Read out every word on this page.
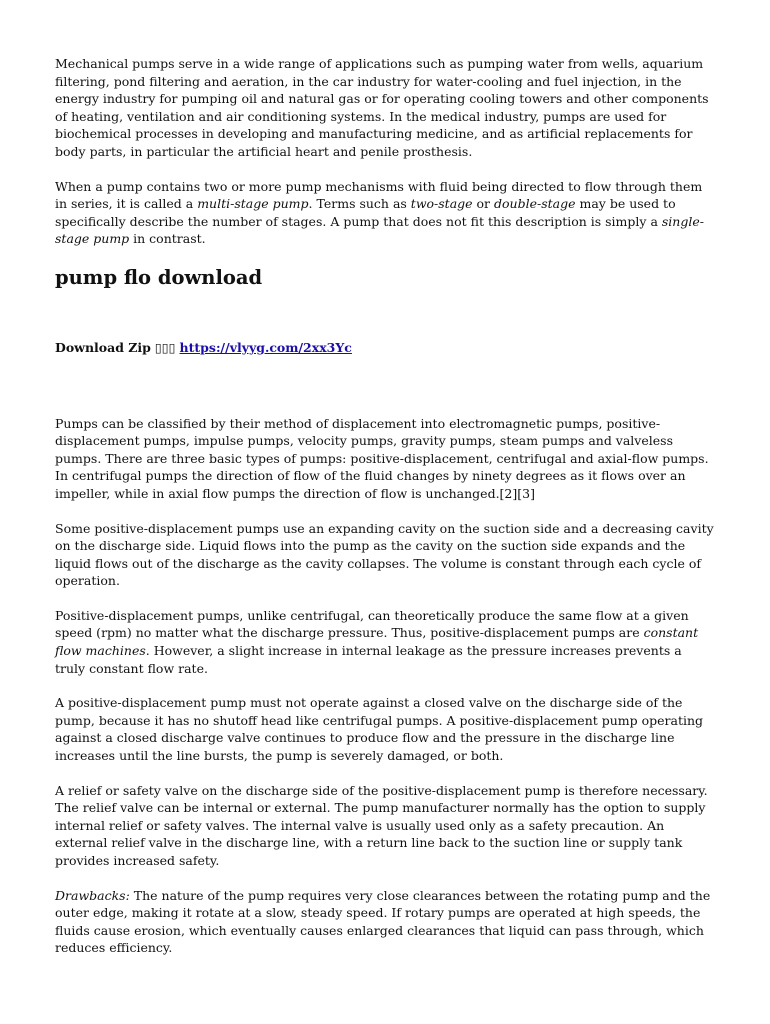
Mechanical pumps serve in a wide range of applications such as pumping water from wells, aquarium filtering, pond filtering and aeration, in the car industry for water-cooling and fuel injection, in the energy industry for pumping oil and natural gas or for operating cooling towers and other components of heating, ventilation and air conditioning systems. In the medical industry, pumps are used for biochemical processes in developing and manufacturing medicine, and as artificial replacements for body parts, in particular the artificial heart and penile prosthesis.

When a pump contains two or more pump mechanisms with fluid being directed to flow through them in series, it is called a multi-stage pump. Terms such as two-stage or double-stage may be used to specifically describe the number of stages. A pump that does not fit this description is simply a single-stage pump in contrast.

pump flo download
Download Zip ▯▯▯ https://vlyyg.com/2xx3Yc

Pumps can be classified by their method of displacement into electromagnetic pumps, positive-displacement pumps, impulse pumps, velocity pumps, gravity pumps, steam pumps and valveless pumps. There are three basic types of pumps: positive-displacement, centrifugal and axial-flow pumps. In centrifugal pumps the direction of flow of the fluid changes by ninety degrees as it flows over an impeller, while in axial flow pumps the direction of flow is unchanged.[2][3]

Some positive-displacement pumps use an expanding cavity on the suction side and a decreasing cavity on the discharge side. Liquid flows into the pump as the cavity on the suction side expands and the liquid flows out of the discharge as the cavity collapses. The volume is constant through each cycle of operation.

Positive-displacement pumps, unlike centrifugal, can theoretically produce the same flow at a given speed (rpm) no matter what the discharge pressure. Thus, positive-displacement pumps are constant flow machines. However, a slight increase in internal leakage as the pressure increases prevents a truly constant flow rate.

A positive-displacement pump must not operate against a closed valve on the discharge side of the pump, because it has no shutoff head like centrifugal pumps. A positive-displacement pump operating against a closed discharge valve continues to produce flow and the pressure in the discharge line increases until the line bursts, the pump is severely damaged, or both.

A relief or safety valve on the discharge side of the positive-displacement pump is therefore necessary. The relief valve can be internal or external. The pump manufacturer normally has the option to supply internal relief or safety valves. The internal valve is usually used only as a safety precaution. An external relief valve in the discharge line, with a return line back to the suction line or supply tank provides increased safety.

Drawbacks: The nature of the pump requires very close clearances between the rotating pump and the outer edge, making it rotate at a slow, steady speed. If rotary pumps are operated at high speeds, the fluids cause erosion, which eventually causes enlarged clearances that liquid can pass through, which reduces efficiency.
